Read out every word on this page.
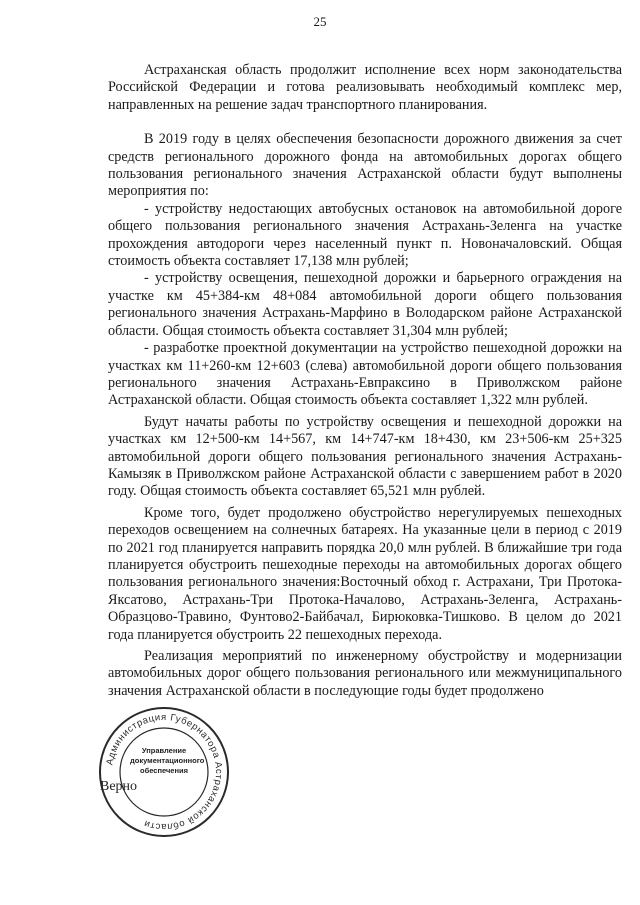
25

Астраханская область продолжит исполнение всех норм законодательства Российской Федерации и готова реализовывать необходимый комплекс мер, направленных на решение задач транспортного планирования.

В 2019 году в целях обеспечения безопасности дорожного движения за счет средств регионального дорожного фонда на автомобильных дорогах общего пользования регионального значения Астраханской области будут выполнены мероприятия по:

- устройству недостающих автобусных остановок на автомобильной дороге общего пользования регионального значения Астрахань-Зеленга на участке прохождения автодороги через населенный пункт п. Новоначаловский. Общая стоимость объекта составляет 17,138 млн рублей;

- устройству освещения, пешеходной дорожки и барьерного ограждения на участке км 45+384-км 48+084 автомобильной дороги общего пользования регионального значения Астрахань-Марфино в Володарском районе Астраханской области. Общая стоимость объекта составляет 31,304 млн рублей;

- разработке проектной документации на устройство пешеходной дорожки на участках км 11+260-км 12+603 (слева) автомобильной дороги общего пользования регионального значения Астрахань-Евпраксино в Приволжском районе Астраханской области. Общая стоимость объекта составляет 1,322 млн рублей.

Будут начаты работы по устройству освещения и пешеходной дорожки на участках км 12+500-км 14+567, км 14+747-км 18+430, км 23+506-км 25+325 автомобильной дороги общего пользования регионального значения Астрахань-Камызяк в Приволжском районе Астраханской области с завершением работ в 2020 году. Общая стоимость объекта составляет 65,521 млн рублей.

Кроме того, будет продолжено обустройство нерегулируемых пешеходных переходов освещением на солнечных батареях. На указанные цели в период с 2019 по 2021 год планируется направить порядка 20,0 млн рублей. В ближайшие три года планируется обустроить пешеходные переходы на автомобильных дорогах общего пользования регионального значения:Восточный обход г. Астрахани, Три Протока-Яксатово, Астрахань-Три Протока-Началово, Астрахань-Зеленга, Астрахань-Образцово-Травино, Фунтово2-Байбачал, Бирюковка-Тишково. В целом до 2021 года планируется обустроить 22 пешеходных перехода.

Реализация мероприятий по инженерному обустройству и модернизации автомобильных дорог общего пользования регионального или межмуниципального значения Астраханской области в последующие годы будет продолжено

Администрация Губернатора Астраханской области
Управление
документационного
обеспечения
Верно
